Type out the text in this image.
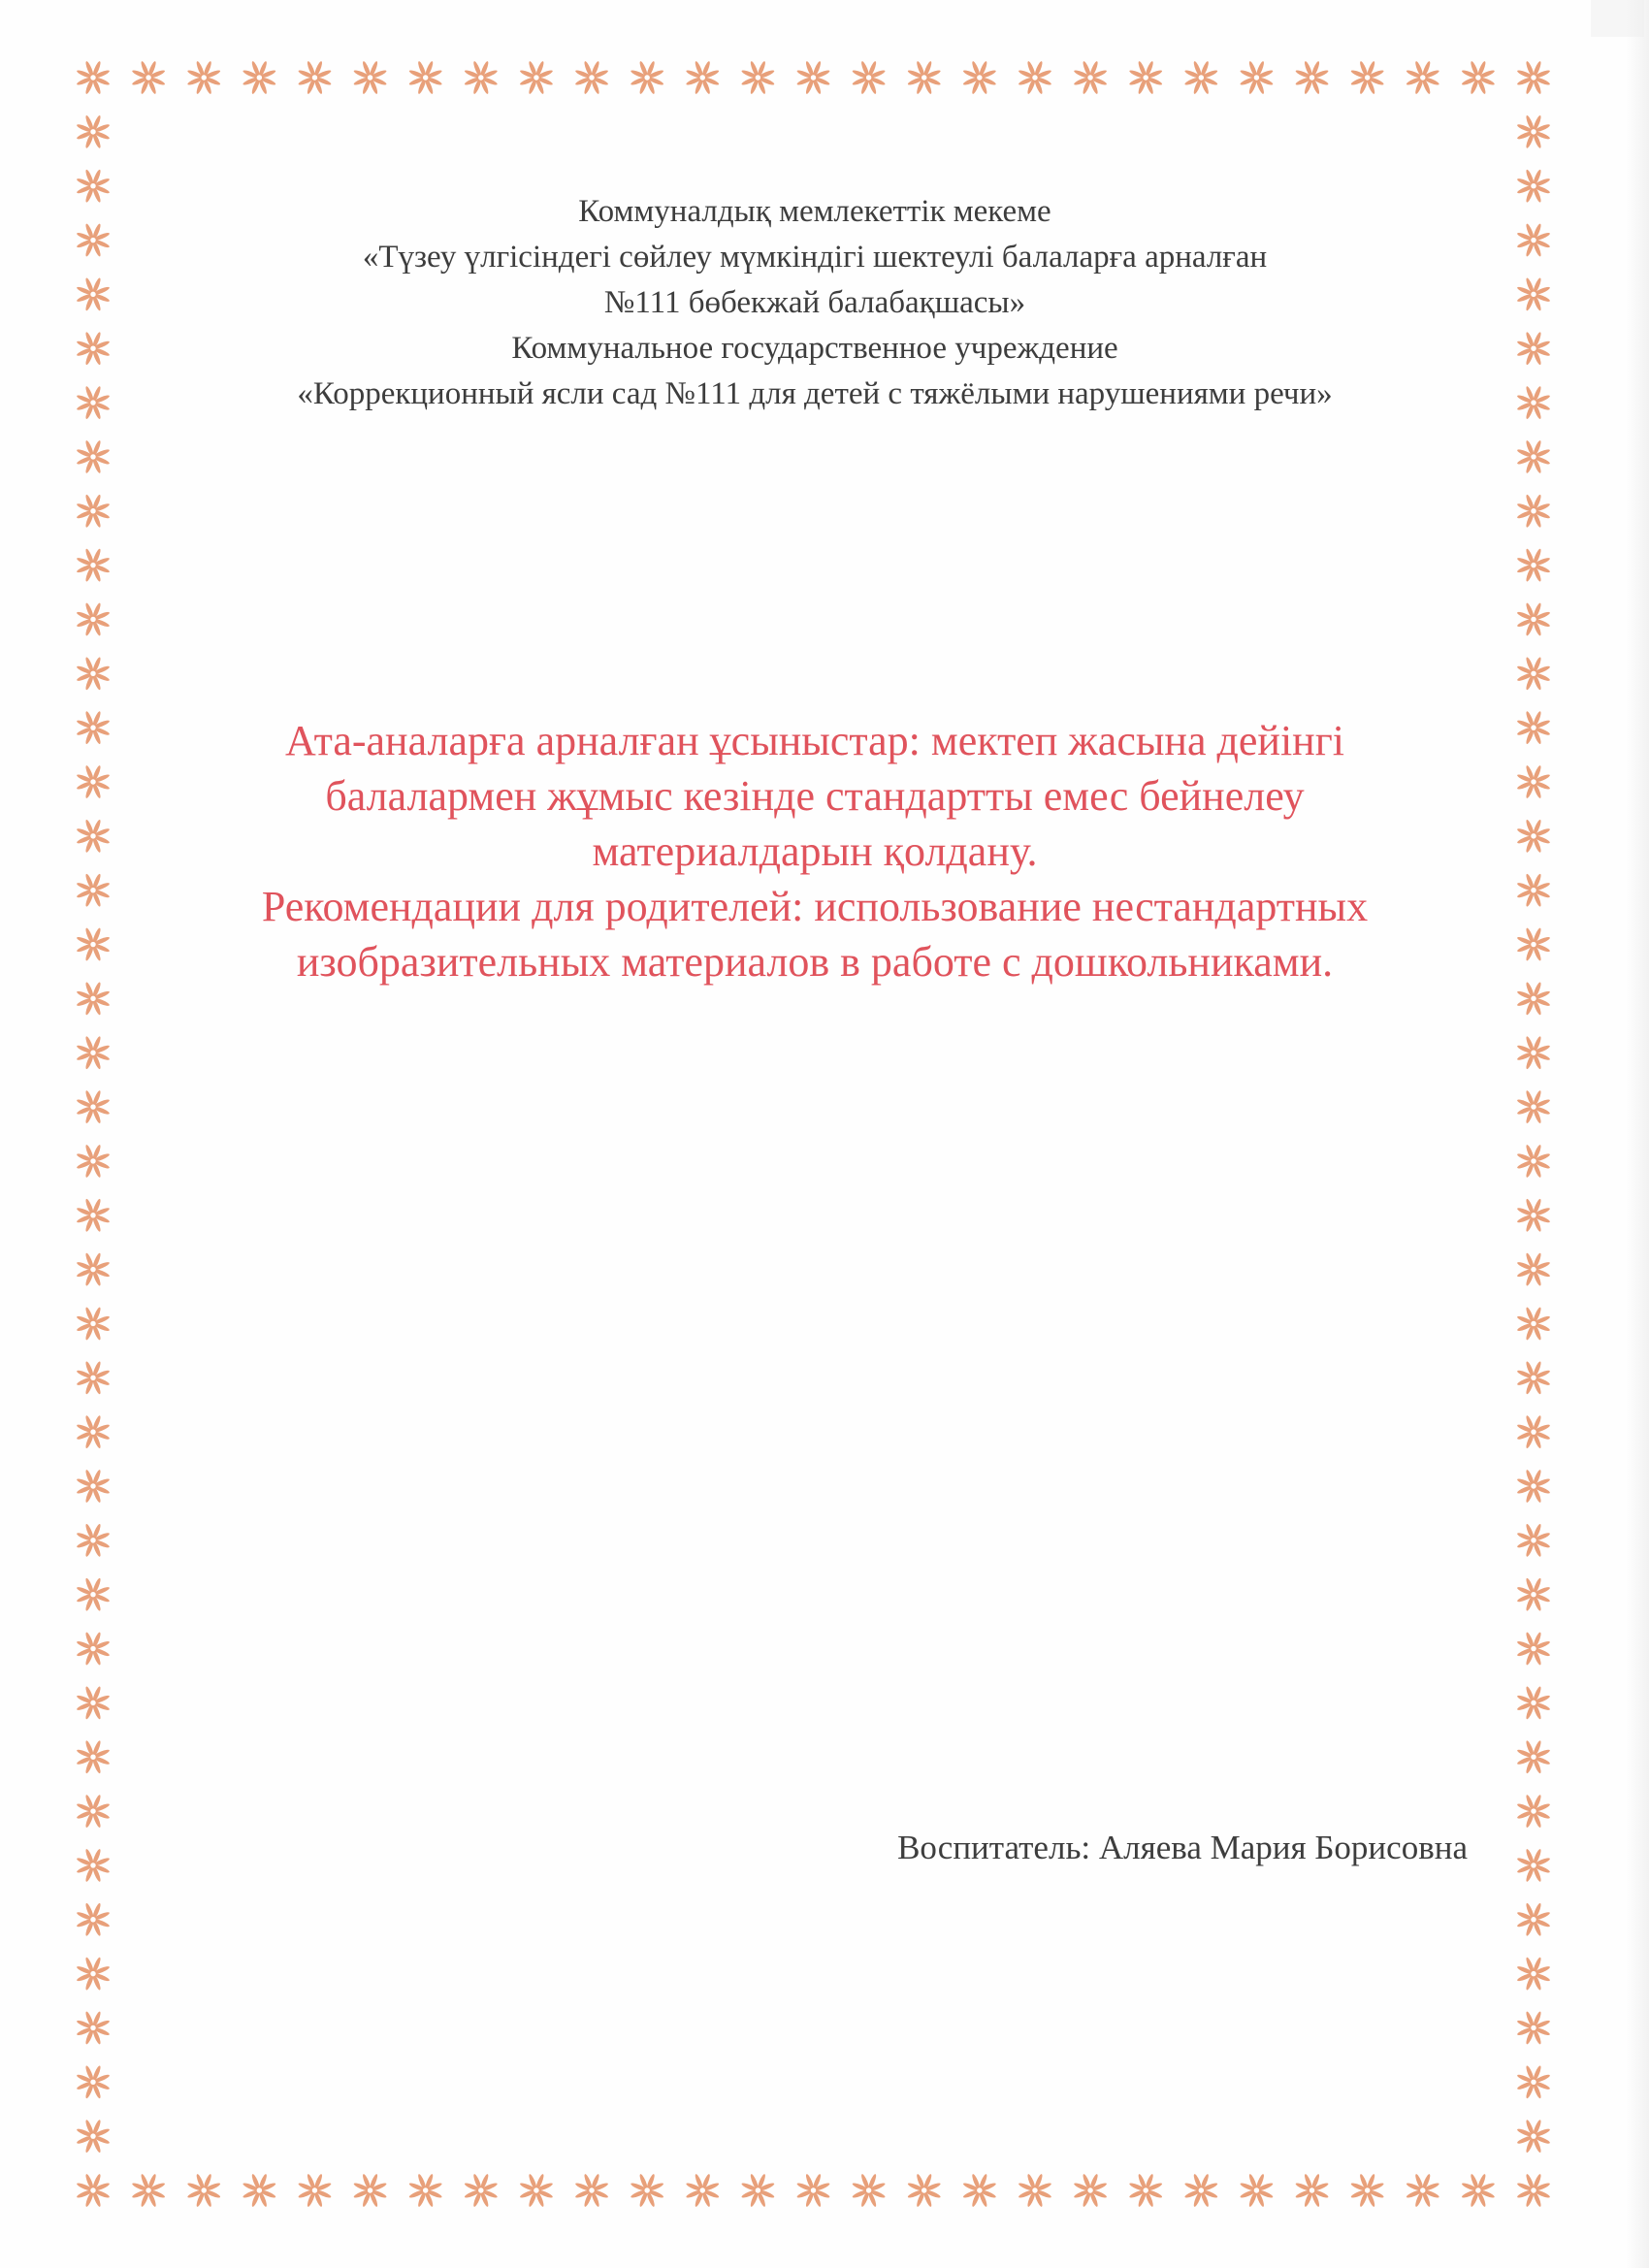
Коммуналдық мемлекеттік мекеме
«Түзеу үлгісіндегі сөйлеу мүмкіндігі шектеулі балаларға арналған
№111 бөбекжай балабақшасы»
Коммунальное государственное учреждение
«Коррекционный ясли сад №111 для детей с тяжёлыми нарушениями речи»
Ата-аналарға арналған ұсыныстар: мектеп жасына дейінгі
балалармен жұмыс кезінде стандартты емес бейнелеу
материалдарын қолдану.
Рекомендации для родителей: использование нестандартных
изобразительных материалов в работе с дошкольниками.
Воспитатель: Аляева Мария Борисовна
